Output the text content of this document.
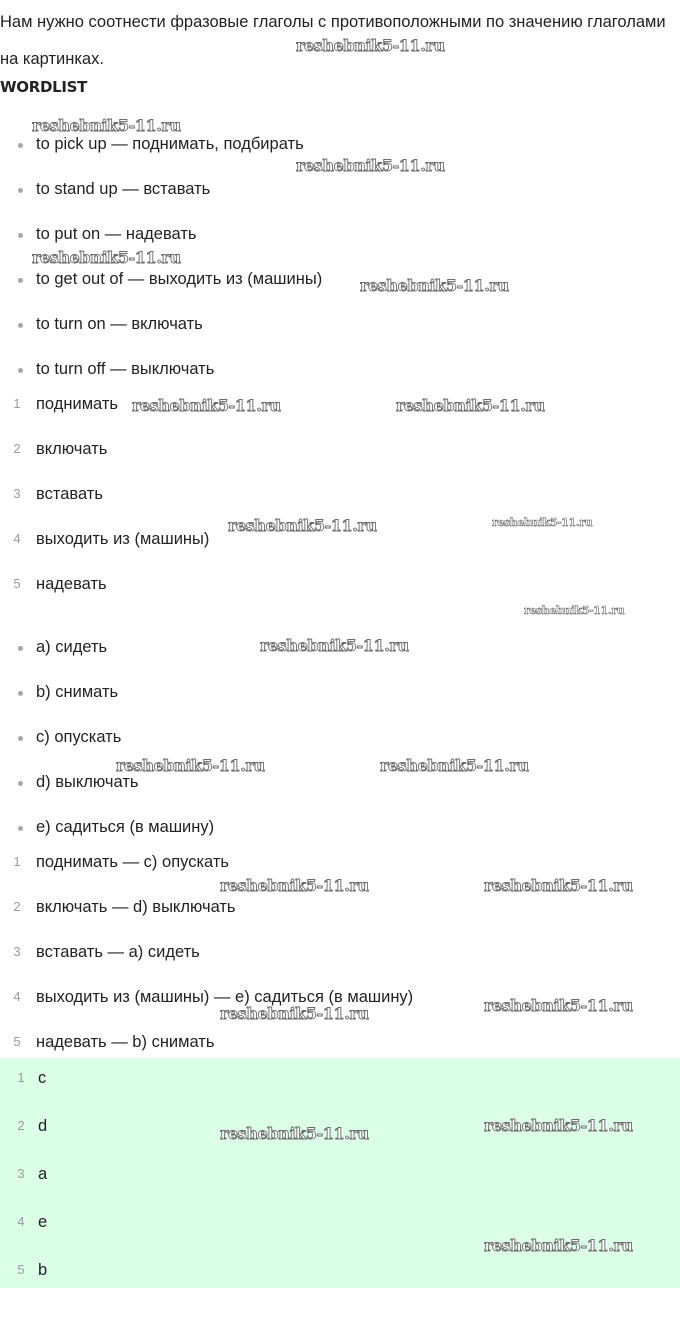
Нам нужно соотнести фразовые глаголы с противоположными по значению глаголами на картинках.
WORDLIST
to pick up — поднимать, подбирать
to stand up — вставать
to put on — надевать
to get out of — выходить из (машины)
to turn on — включать
to turn off — выключать
1 поднимать
2 включать
3 вставать
4 выходить из (машины)
5 надевать
a) сидеть
b) снимать
c) опускать
d) выключать
e) садиться (в машину)
1 поднимать — c) опускать
2 включать — d) выключать
3 вставать — a) сидеть
4 выходить из (машины) — e) садиться (в машину)
5 надевать — b) снимать
1 c
2 d
3 a
4 e
5 b
reshebnik5-11.ru
reshebnik5-11.ru
reshebnik5-11.ru
reshebnik5-11.ru
reshebnik5-11.ru
reshebnik5-11.ru	reshebnik5-11.ru
reshebnik5-11.ru	reshebnik5-11.ru
reshebnik5-11.ru
reshebnik5-11.ru
reshebnik5-11.ru	reshebnik5-11.ru
reshebnik5-11.ru	reshebnik5-11.ru
reshebnik5-11.ru
reshebnik5-11.ru
reshebnik5-11.ru
reshebnik5-11.ru
reshebnik5-11.ru
